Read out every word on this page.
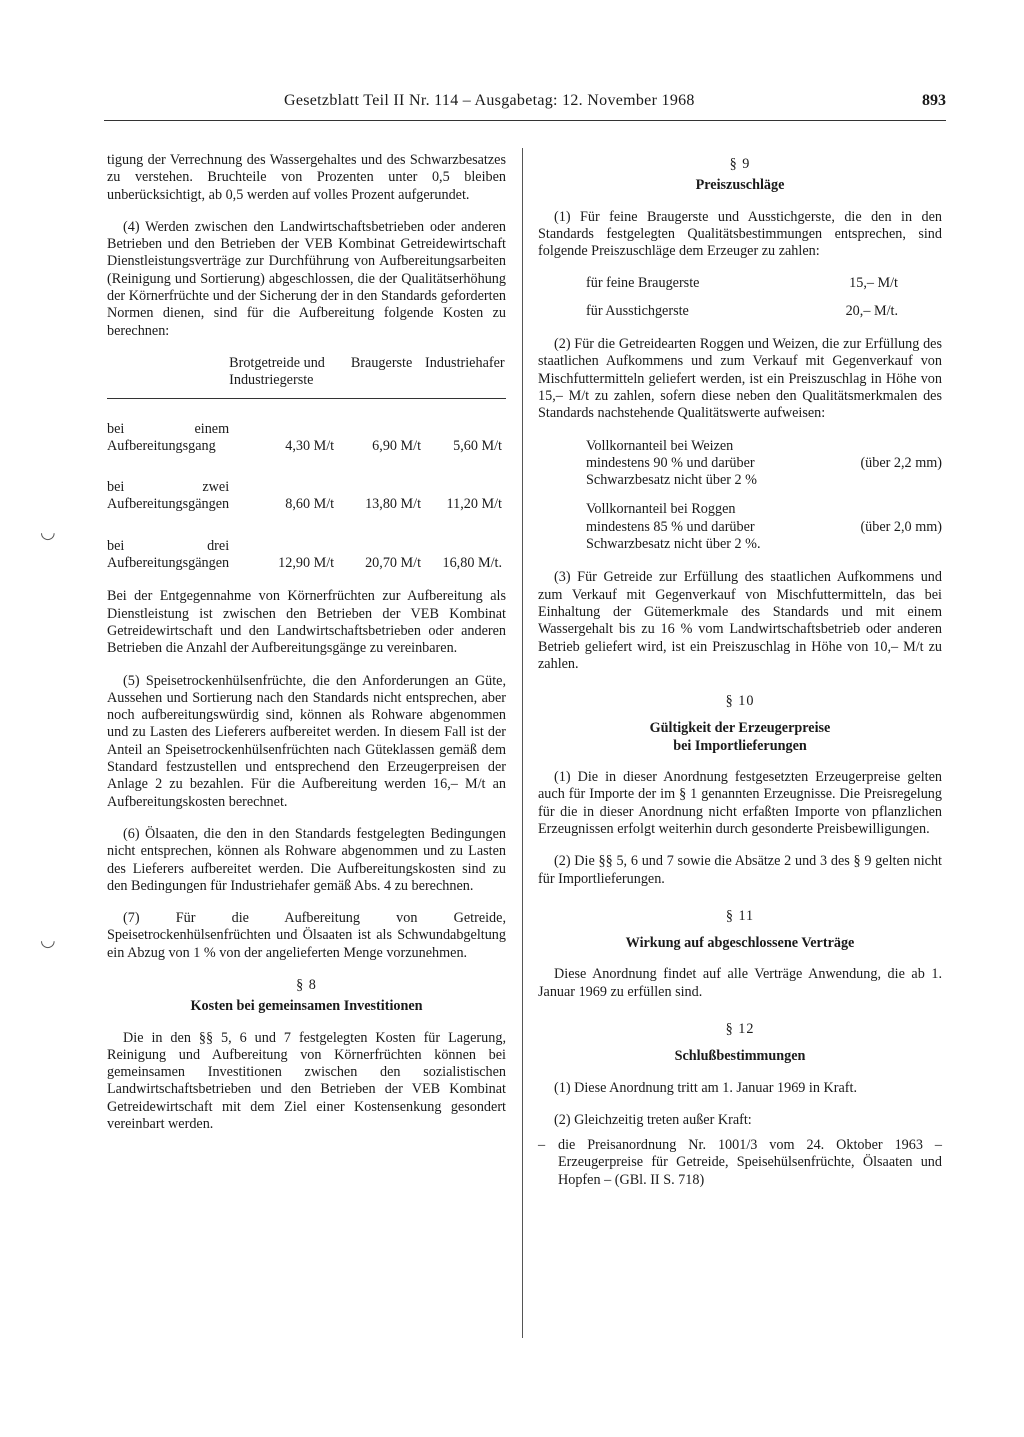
Gesetzblatt Teil II Nr. 114 – Ausgabetag: 12. November 1968	893
◡
◡

tigung der Verrechnung des Wassergehaltes und des Schwarzbesatzes zu verstehen. Bruchteile von Prozenten unter 0,5 bleiben unberücksichtigt, ab 0,5 werden auf volles Prozent aufgerundet.

(4) Werden zwischen den Landwirtschaftsbetrieben oder anderen Betrieben und den Betrieben der VEB Kombinat Getreidewirtschaft Dienstleistungsverträge zur Durchführung von Aufbereitungsarbeiten (Reinigung und Sortierung) abgeschlossen, die der Qualitätserhöhung der Körnerfrüchte und der Sicherung der in den Standards geforderten Normen dienen, sind für die Aufbereitung folgende Kosten zu berechnen:

	Brotgetreide und Industriegerste	Braugerste	Industriehafer
bei einem Aufbereitungsgang	4,30 M/t	6,90 M/t	5,60 M/t
bei zwei Aufbereitungsgängen	8,60 M/t	13,80 M/t	11,20 M/t
bei drei Aufbereitungsgängen	12,90 M/t	20,70 M/t	16,80 M/t.

Bei der Entgegennahme von Körnerfrüchten zur Aufbereitung als Dienstleistung ist zwischen den Betrieben der VEB Kombinat Getreidewirtschaft und den Landwirtschaftsbetrieben oder anderen Betrieben die Anzahl der Aufbereitungsgänge zu vereinbaren.

(5) Speisetrockenhülsenfrüchte, die den Anforderungen an Güte, Aussehen und Sortierung nach den Standards nicht entsprechen, aber noch aufbereitungswürdig sind, können als Rohware abgenommen und zu Lasten des Lieferers aufbereitet werden. In diesem Fall ist der Anteil an Speisetrockenhülsenfrüchten nach Güteklassen gemäß dem Standard festzustellen und entsprechend den Erzeugerpreisen der Anlage 2 zu bezahlen. Für die Aufbereitung werden 16,– M/t an Aufbereitungskosten berechnet.

(6) Ölsaaten, die den in den Standards festgelegten Bedingungen nicht entsprechen, können als Rohware abgenommen und zu Lasten des Lieferers aufbereitet werden. Die Aufbereitungskosten sind zu den Bedingungen für Industriehafer gemäß Abs. 4 zu berechnen.

(7) Für die Aufbereitung von Getreide, Speisetrockenhülsenfrüchten und Ölsaaten ist als Schwundabgeltung ein Abzug von 1 % von der angelieferten Menge vorzunehmen.

§ 8
Kosten bei gemeinsamen Investitionen

Die in den §§ 5, 6 und 7 festgelegten Kosten für Lagerung, Reinigung und Aufbereitung von Körnerfrüchten können bei gemeinsamen Investitionen zwischen den sozialistischen Landwirtschaftsbetrieben und den Betrieben der VEB Kombinat Getreidewirtschaft mit dem Ziel einer Kostensenkung gesondert vereinbart werden.

§ 9
Preiszuschläge

(1) Für feine Braugerste und Ausstichgerste, die den in den Standards festgelegten Qualitätsbestimmungen entsprechen, sind folgende Preiszuschläge dem Erzeuger zu zahlen:

für feine Braugerste	15,– M/t
für Ausstichgerste	20,– M/t.

(2) Für die Getreidearten Roggen und Weizen, die zur Erfüllung des staatlichen Aufkommens und zum Verkauf mit Gegenverkauf von Mischfuttermitteln geliefert werden, ist ein Preiszuschlag in Höhe von 15,– M/t zu zahlen, sofern diese neben den Qualitätsmerkmalen des Standards nachstehende Qualitätswerte aufweisen:

Vollkornanteil bei Weizen
mindestens 90 % und darüber
Schwarzbesatz nicht über 2 %
(über 2,2 mm)
Vollkornanteil bei Roggen
mindestens 85 % und darüber
Schwarzbesatz nicht über 2 %.
(über 2,0 mm)

(3) Für Getreide zur Erfüllung des staatlichen Aufkommens und zum Verkauf mit Gegenverkauf von Mischfuttermitteln, das bei Einhaltung der Gütemerkmale des Standards und mit einem Wassergehalt bis zu 16 % vom Landwirtschaftsbetrieb oder anderen Betrieb geliefert wird, ist ein Preiszuschlag in Höhe von 10,– M/t zu zahlen.

§ 10
Gültigkeit der Erzeugerpreise
bei Importlieferungen

(1) Die in dieser Anordnung festgesetzten Erzeugerpreise gelten auch für Importe der im § 1 genannten Erzeugnisse. Die Preisregelung für die in dieser Anordnung nicht erfaßten Importe von pflanzlichen Erzeugnissen erfolgt weiterhin durch gesonderte Preisbewilligungen.

(2) Die §§ 5, 6 und 7 sowie die Absätze 2 und 3 des § 9 gelten nicht für Importlieferungen.

§ 11
Wirkung auf abgeschlossene Verträge

Diese Anordnung findet auf alle Verträge Anwendung, die ab 1. Januar 1969 zu erfüllen sind.

§ 12
Schlußbestimmungen

(1) Diese Anordnung tritt am 1. Januar 1969 in Kraft.

(2) Gleichzeitig treten außer Kraft:

– die Preisanordnung Nr. 1001/3 vom 24. Oktober 1963 – Erzeugerpreise für Getreide, Speisehülsenfrüchte, Ölsaaten und Hopfen – (GBl. II S. 718)
